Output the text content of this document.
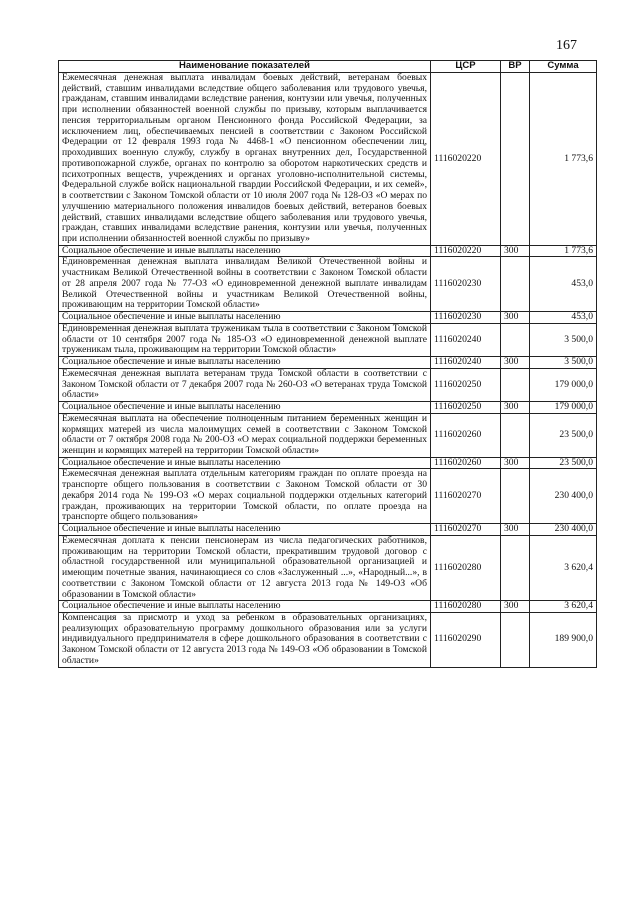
167
Наименование показателей	ЦСР	ВР	Сумма
Ежемесячная денежная выплата инвалидам боевых действий, ветеранам боевых действий, ставшим инвалидами вследствие общего заболевания или трудового увечья, гражданам, ставшим инвалидами вследствие ранения, контузии или увечья, полученных при исполнении обязанностей военной службы по призыву, которым выплачивается пенсия территориальным органом Пенсионного фонда Российской Федерации, за исключением лиц, обеспечиваемых пенсией в соответствии с Законом Российской Федерации от 12 февраля 1993 года № 4468-1 «О пенсионном обеспечении лиц, проходивших военную службу, службу в органах внутренних дел, Государственной противопожарной службе, органах по контролю за оборотом наркотических средств и психотропных веществ, учреждениях и органах уголовно-исполнительной системы, Федеральной службе войск национальной гвардии Российской Федерации, и их семей», в соответствии с Законом Томской области от 10 июля 2007 года № 128-ОЗ «О мерах по улучшению материального положения инвалидов боевых действий, ветеранов боевых действий, ставших инвалидами вследствие общего заболевания или трудового увечья, граждан, ставших инвалидами вследствие ранения, контузии или увечья, полученных при исполнении обязанностей военной службы по призыву»	1116020220		1 773,6
Социальное обеспечение и иные выплаты населению	1116020220	300	1 773,6
Единовременная денежная выплата инвалидам Великой Отечественной войны и участникам Великой Отечественной войны в соответствии с Законом Томской области от 28 апреля 2007 года № 77-ОЗ «О единовременной денежной выплате инвалидам Великой Отечественной войны и участникам Великой Отечественной войны, проживающим на территории Томской области»	1116020230		453,0
Социальное обеспечение и иные выплаты населению	1116020230	300	453,0
Единовременная денежная выплата труженикам тыла в соответствии с Законом Томской области от 10 сентября 2007 года № 185-ОЗ «О единовременной денежной выплате труженикам тыла, проживающим на территории Томской области»	1116020240		3 500,0
Социальное обеспечение и иные выплаты населению	1116020240	300	3 500,0
Ежемесячная денежная выплата ветеранам труда Томской области в соответствии с Законом Томской области от 7 декабря 2007 года № 260-ОЗ «О ветеранах труда Томской области»	1116020250		179 000,0
Социальное обеспечение и иные выплаты населению	1116020250	300	179 000,0
Ежемесячная выплата на обеспечение полноценным питанием беременных женщин и кормящих матерей из числа малоимущих семей в соответствии с Законом Томской области от 7 октября 2008 года № 200-ОЗ «О мерах социальной поддержки беременных женщин и кормящих матерей на территории Томской области»	1116020260		23 500,0
Социальное обеспечение и иные выплаты населению	1116020260	300	23 500,0
Ежемесячная денежная выплата отдельным категориям граждан по оплате проезда на транспорте общего пользования в соответствии с Законом Томской области от 30 декабря 2014 года № 199-ОЗ «О мерах социальной поддержки отдельных категорий граждан, проживающих на территории Томской области, по оплате проезда на транспорте общего пользования»	1116020270		230 400,0
Социальное обеспечение и иные выплаты населению	1116020270	300	230 400,0
Ежемесячная доплата к пенсии пенсионерам из числа педагогических работников, проживающим на территории Томской области, прекратившим трудовой договор с областной государственной или муниципальной образовательной организацией и имеющим почетные звания, начинающиеся со слов «Заслуженный ...», «Народный...», в соответствии с Законом Томской области от 12 августа 2013 года № 149-ОЗ «Об образовании в Томской области»	1116020280		3 620,4
Социальное обеспечение и иные выплаты населению	1116020280	300	3 620,4
Компенсация за присмотр и уход за ребенком в образовательных организациях, реализующих образовательную программу дошкольного образования или за услуги индивидуального предпринимателя в сфере дошкольного образования в соответствии с Законом Томской области от 12 августа 2013 года № 149-ОЗ «Об образовании в Томской области»	1116020290		189 900,0
